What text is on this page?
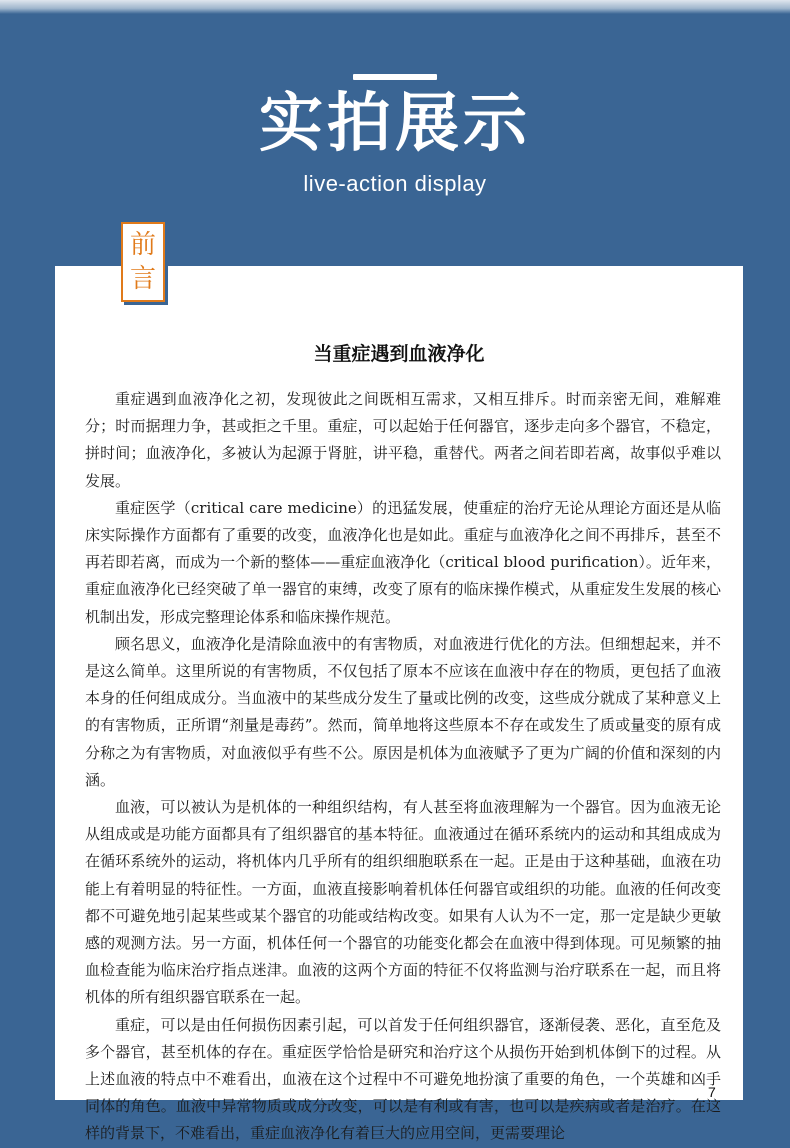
实拍展示
live-action display
前
言
当重症遇到血液净化

重症遇到血液净化之初，发现彼此之间既相互需求，又相互排斥。时而亲密无间，难解难分；时而据理力争，甚或拒之千里。重症，可以起始于任何器官，逐步走向多个器官，不稳定，拼时间；血液净化，多被认为起源于肾脏，讲平稳，重替代。两者之间若即若离，故事似乎难以发展。

重症医学（critical care medicine）的迅猛发展，使重症的治疗无论从理论方面还是从临床实际操作方面都有了重要的改变，血液净化也是如此。重症与血液净化之间不再排斥，甚至不再若即若离，而成为一个新的整体——重症血液净化（critical blood purification）。近年来，重症血液净化已经突破了单一器官的束缚，改变了原有的临床操作模式，从重症发生发展的核心机制出发，形成完整理论体系和临床操作规范。

顾名思义，血液净化是清除血液中的有害物质，对血液进行优化的方法。但细想起来，并不是这么简单。这里所说的有害物质，不仅包括了原本不应该在血液中存在的物质，更包括了血液本身的任何组成成分。当血液中的某些成分发生了量或比例的改变，这些成分就成了某种意义上的有害物质，正所谓“剂量是毒药”。然而，简单地将这些原本不存在或发生了质或量变的原有成分称之为有害物质，对血液似乎有些不公。原因是机体为血液赋予了更为广阔的价值和深刻的内涵。

血液，可以被认为是机体的一种组织结构，有人甚至将血液理解为一个器官。因为血液无论从组成或是功能方面都具有了组织器官的基本特征。血液通过在循环系统内的运动和其组成成为在循环系统外的运动，将机体内几乎所有的组织细胞联系在一起。正是由于这种基础，血液在功能上有着明显的特征性。一方面，血液直接影响着机体任何器官或组织的功能。血液的任何改变都不可避免地引起某些或某个器官的功能或结构改变。如果有人认为不一定，那一定是缺少更敏感的观测方法。另一方面，机体任何一个器官的功能变化都会在血液中得到体现。可见频繁的抽血检查能为临床治疗指点迷津。血液的这两个方面的特征不仅将监测与治疗联系在一起，而且将机体的所有组织器官联系在一起。

重症，可以是由任何损伤因素引起，可以首发于任何组织器官，逐渐侵袭、恶化，直至危及多个器官，甚至机体的存在。重症医学恰恰是研究和治疗这个从损伤开始到机体倒下的过程。从上述血液的特点中不难看出，血液在这个过程中不可避免地扮演了重要的角色，一个英雄和凶手同体的角色。血液中异常物质或成分改变，可以是有利或有害，也可以是疾病或者是治疗。在这样的背景下，不难看出，重症血液净化有着巨大的应用空间，更需要理论

7
